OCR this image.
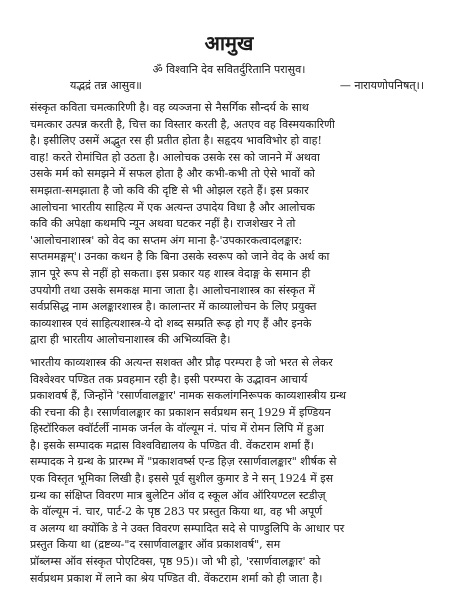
आमुख
ॐ विश्वानि देव सवितर्दुरितानि परासुव।
यद्भद्रं तन्न आसुव॥	— नारायणोपनिषत्।।
संस्कृत कविता चमत्कारिणी है। वह व्यञ्जना से नैसर्गिक सौन्दर्य के साथ
चमत्कार उत्पन्न करती है, चित्त का विस्तार करती है, अतएव वह विस्मयकारिणी
है। इसीलिए उसमें अद्भुत रस ही प्रतीत होता है। सहृदय भावविभोर हो वाह!
वाह! करते रोमांचित हो उठता है। आलोचक उसके रस को जानने में अथवा
उसके मर्म को समझने में सफल होता है और कभी-कभी तो ऐसे भावों को
समझता-समझाता है जो कवि की दृष्टि से भी ओझल रहते हैं। इस प्रकार
आलोचना भारतीय साहित्य में एक अत्यन्त उपादेय विधा है और आलोचक
कवि की अपेक्षा कथमपि न्यून अथवा घटकर नहीं है। राजशेखर ने तो
'आलोचनाशास्त्र' को वेद का सप्तम अंग माना है-'उपकारकत्वादलङ्कार:
सप्तममङ्गम्'। उनका कथन है कि बिना उसके स्वरूप को जाने वेद के अर्थ का
ज्ञान पूरे रूप से नहीं हो सकता। इस प्रकार यह शास्त्र वेदाङ्ग के समान ही
उपयोगी तथा उसके समकक्ष माना जाता है। आलोचनाशास्त्र का संस्कृत में
सर्वप्रसिद्ध नाम अलङ्कारशास्त्र है। कालान्तर में काव्यालोचन के लिए प्रयुक्त
काव्यशास्त्र एवं साहित्यशास्त्र-ये दो शब्द सम्प्रति रूढ़ हो गए हैं और इनके
द्वारा ही भारतीय आलोचनाशास्त्र की अभिव्यक्ति है।
भारतीय काव्यशास्त्र की अत्यन्त सशक्त और प्रौढ़ परम्परा है जो भरत से लेकर
विश्वेश्वर पण्डित तक प्रवहमान रही है। इसी परम्परा के उद्भावन आचार्य
प्रकाशवर्ष हैं, जिन्होंने 'रसार्णवालङ्कार' नामक सकलांगनिरूपक काव्यशास्त्रीय ग्रन्थ
की रचना की है। रसार्णवालङ्कार का प्रकाशन सर्वप्रथम सन् 1929 में इण्डियन
हिस्टॉरिकल क्वॉर्टर्ली नामक जर्नल के वॉल्यूम नं. पांच में रोमन लिपि में हुआ
है। इसके सम्पादक मद्रास विश्वविद्यालय के पण्डित वी. वेंकटराम शर्मा हैं।
सम्पादक ने ग्रन्थ के प्रारम्भ में "प्रकाशवर्ष्स एन्ड हिज़ रसार्णवालङ्कार" शीर्षक से
एक विस्तृत भूमिका लिखी है। इससे पूर्व सुशील कुमार डे ने सन् 1924 में इस
ग्रन्थ का संक्षिप्त विवरण मात्र बुलेटिन ऑव द स्कूल ऑव ऑरियण्टल स्टडीज़्
के वॉल्यूम नं. चार, पार्ट-2 के पृष्ठ 283 पर प्रस्तुत किया था, वह भी अपूर्ण
व अलग्य था क्योंकि डे ने उक्त विवरण सम्पादित सदे से पाण्डुलिपि के आधार पर
प्रस्तुत किया था (द्रष्टव्य-"द रसार्णवालङ्कार ऑव प्रकाशवर्ष", सम
प्रॉब्लम्स ऑव संस्कृत पोएटिक्स, पृष्ठ 95)। जो भी हो, 'रसार्णवालङ्कार' को
सर्वप्रथम प्रकाश में लाने का श्रेय पण्डित वी. वेंकटराम शर्मा को ही जाता है।
